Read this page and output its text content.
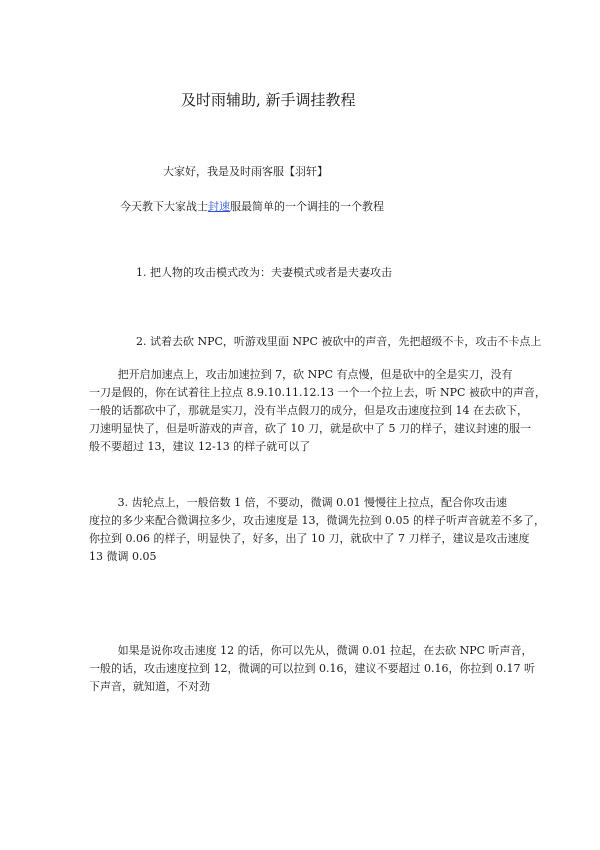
及时雨辅助, 新手调挂教程
大家好，我是及时雨客服【羽轩】
今天教下大家战士封速服最简单的一个调挂的一个教程
1. 把人物的攻击模式改为：夫妻模式或者是夫妻攻击
2. 试着去砍 NPC，听游戏里面 NPC 被砍中的声音，先把超级不卡，攻击不卡点上
把开启加速点上，攻击加速拉到 7，砍 NPC 有点慢，但是砍中的全是实刀，没有
一刀是假的，你在试着往上拉点 8.9.10.11.12.13 一个一个拉上去，听 NPC 被砍中的声音，
一般的话都砍中了，那就是实刀，没有半点假刀的成分，但是攻击速度拉到 14 在去砍下，
刀速明显快了，但是听游戏的声音，砍了 10 刀，就是砍中了 5 刀的样子，建议封速的服一
般不要超过 13，建议 12-13 的样子就可以了
3. 齿轮点上，一般倍数 1 倍，不要动，微调 0.01 慢慢往上拉点，配合你攻击速
度拉的多少来配合微调拉多少，攻击速度是 13，微调先拉到 0.05 的样子听声音就差不多了，
你拉到 0.06 的样子，明显快了，好多，出了 10 刀，就砍中了 7 刀样子，建议是攻击速度
13 微调 0.05
如果是说你攻击速度 12 的话，你可以先从，微调 0.01 拉起，在去砍 NPC 听声音，
一般的话，攻击速度拉到 12，微调的可以拉到 0.16，建议不要超过 0.16，你拉到 0.17 听
下声音，就知道，不对劲
